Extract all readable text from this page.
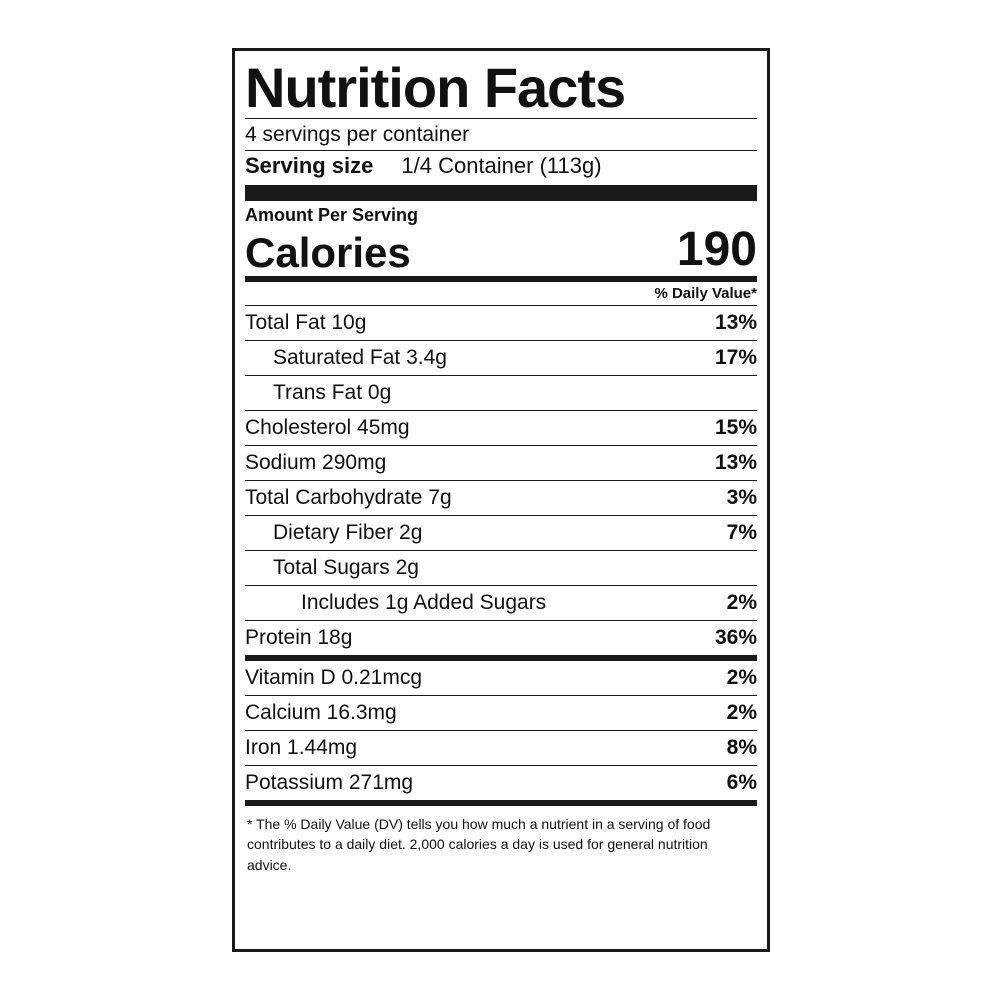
Nutrition Facts
4 servings per container
Serving size 1/4 Container (113g)
Amount Per Serving
Calories	190
% Daily Value*
Total Fat 10g	13%
Saturated Fat 3.4g	17%
Trans Fat 0g
Cholesterol 45mg	15%
Sodium 290mg	13%
Total Carbohydrate 7g	3%
Dietary Fiber 2g	7%
Total Sugars 2g
Includes 1g Added Sugars	2%
Protein 18g	36%
Vitamin D 0.21mcg	2%
Calcium 16.3mg	2%
Iron 1.44mg	8%
Potassium 271mg	6%
* The % Daily Value (DV) tells you how much a nutrient in a serving of food contributes to a daily diet. 2,000 calories a day is used for general nutrition advice.
